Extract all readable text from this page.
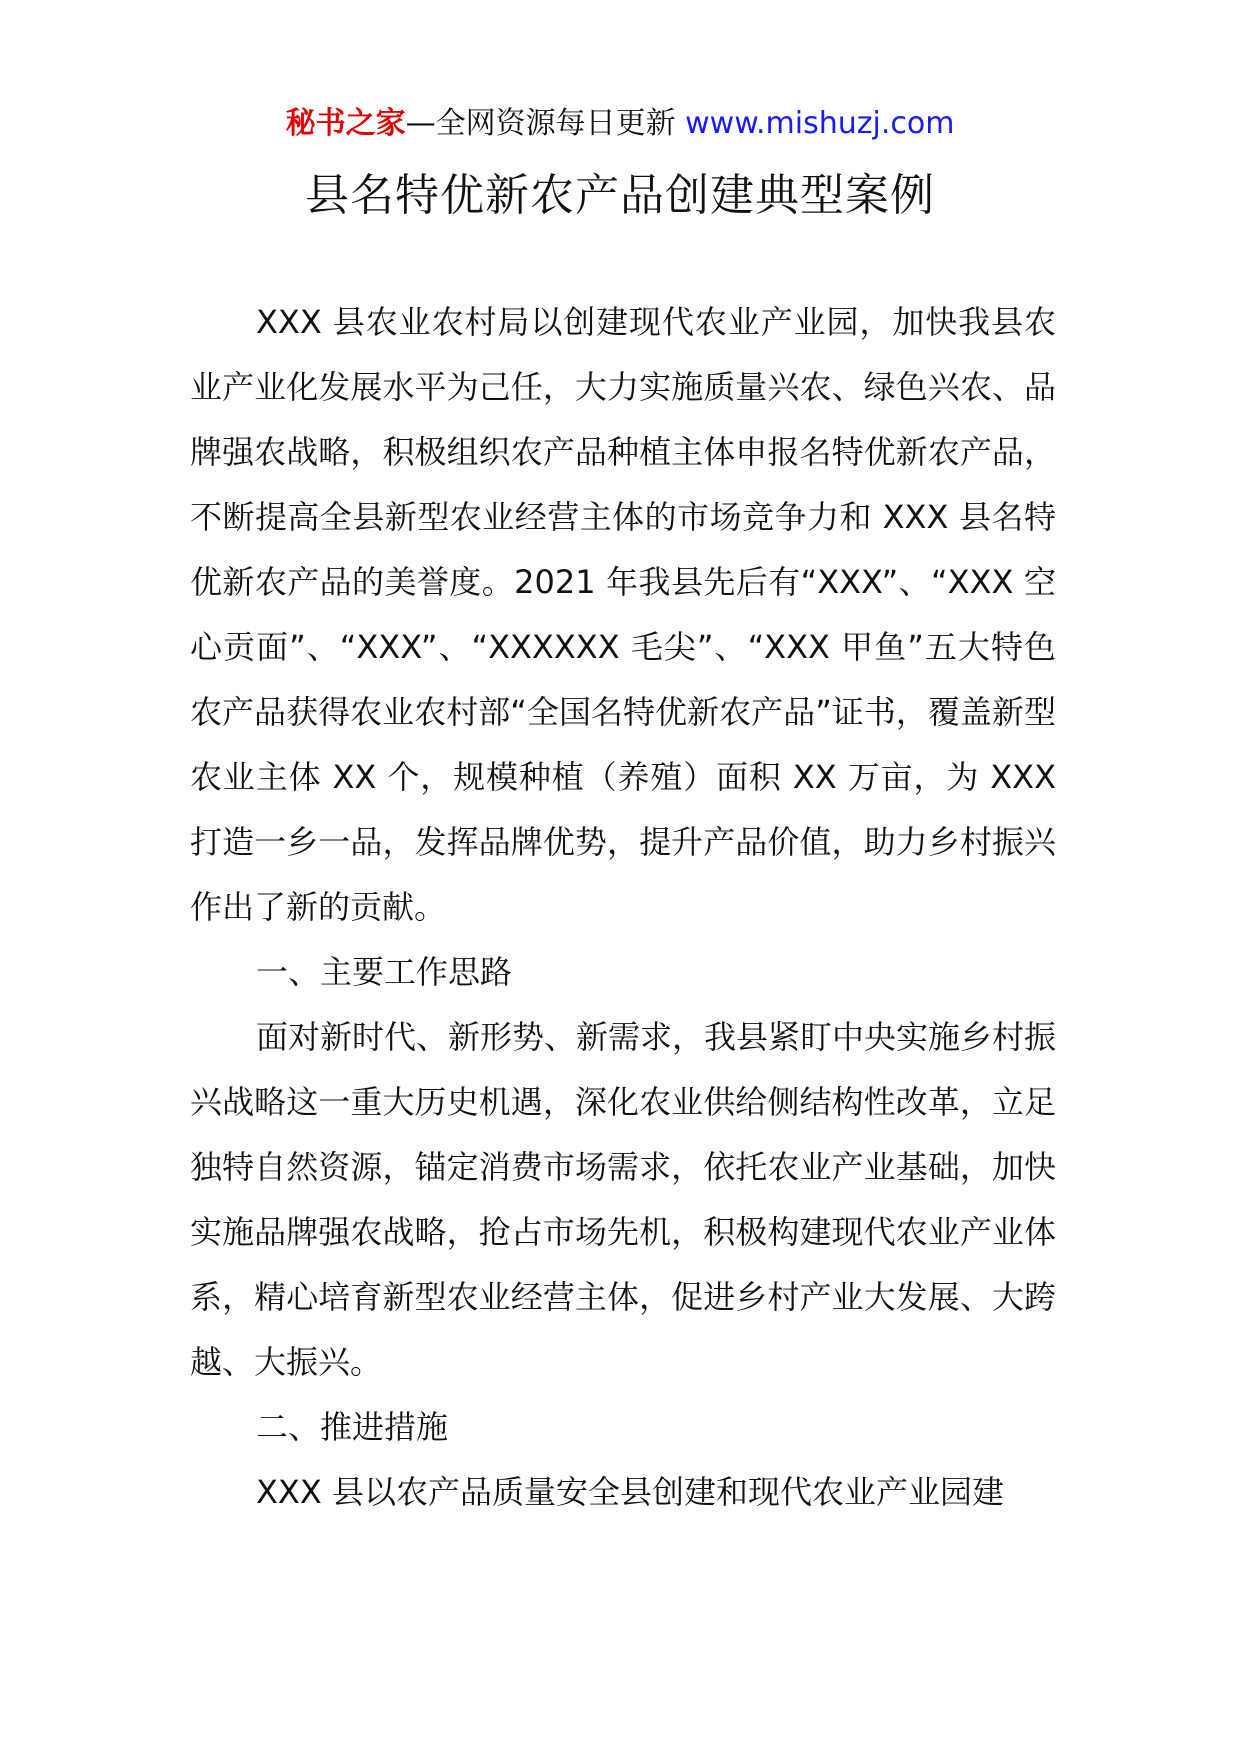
秘书之家—全网资源每日更新 www.mishuzj.com
县名特优新农产品创建典型案例

XXX 县农业农村局以创建现代农业产业园，加快我县农业产业化发展水平为己任，大力实施质量兴农、绿色兴农、品牌强农战略，积极组织农产品种植主体申报名特优新农产品，不断提高全县新型农业经营主体的市场竞争力和 XXX 县名特优新农产品的美誉度。2021 年我县先后有“XXX”、“XXX 空心贡面”、“XXX”、“XXXXXX 毛尖”、“XXX 甲鱼”五大特色农产品获得农业农村部“全国名特优新农产品”证书，覆盖新型农业主体 XX 个，规模种植（养殖）面积 XX 万亩，为 XXX 打造一乡一品，发挥品牌优势，提升产品价值，助力乡村振兴作出了新的贡献。

一、主要工作思路

面对新时代、新形势、新需求，我县紧盯中央实施乡村振兴战略这一重大历史机遇，深化农业供给侧结构性改革，立足独特自然资源，锚定消费市场需求，依托农业产业基础，加快实施品牌强农战略，抢占市场先机，积极构建现代农业产业体系，精心培育新型农业经营主体，促进乡村产业大发展、大跨越、大振兴。

二、推进措施

XXX 县以农产品质量安全县创建和现代农业产业园建
